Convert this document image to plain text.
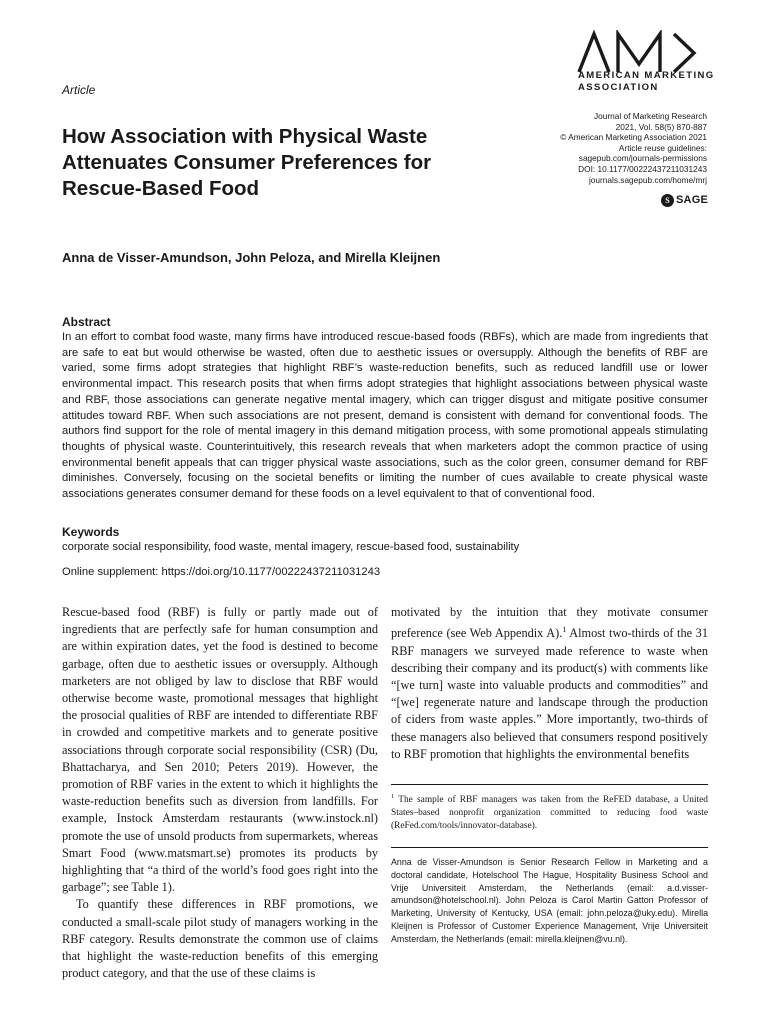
AMERICAN MARKETING
ASSOCIATION
Article
How Association with Physical Waste Attenuates Consumer Preferences for Rescue-Based Food
Journal of Marketing Research
2021, Vol. 58(5) 870-887
© American Marketing Association 2021
Article reuse guidelines:
sagepub.com/journals-permissions
DOI: 10.1177/00222437211031243
journals.sagepub.com/home/mrj
S SAGE
Anna de Visser-Amundson, John Peloza, and Mirella Kleijnen
Abstract

In an effort to combat food waste, many firms have introduced rescue-based foods (RBFs), which are made from ingredients that are safe to eat but would otherwise be wasted, often due to aesthetic issues or oversupply. Although the benefits of RBF are varied, some firms adopt strategies that highlight RBF’s waste-reduction benefits, such as reduced landfill use or lower environmental impact. This research posits that when firms adopt strategies that highlight associations between physical waste and RBF, those associations can generate negative mental imagery, which can trigger disgust and mitigate positive consumer attitudes toward RBF. When such associations are not present, demand is consistent with demand for conventional foods. The authors find support for the role of mental imagery in this demand mitigation process, with some promotional appeals stimulating thoughts of physical waste. Counterintuitively, this research reveals that when marketers adopt the common practice of using environmental benefit appeals that can trigger physical waste associations, such as the color green, consumer demand for RBF diminishes. Conversely, focusing on the societal benefits or limiting the number of cues available to create physical waste associations generates consumer demand for these foods on a level equivalent to that of conventional food.

Keywords
corporate social responsibility, food waste, mental imagery, rescue-based food, sustainability
Online supplement: https://doi.org/10.1177/00222437211031243

Rescue-based food (RBF) is fully or partly made out of ingredients that are perfectly safe for human consumption and are within expiration dates, yet the food is destined to become garbage, often due to aesthetic issues or oversupply. Although marketers are not obliged by law to disclose that RBF would otherwise become waste, promotional messages that highlight the prosocial qualities of RBF are intended to differentiate RBF in crowded and competitive markets and to generate positive associations through corporate social responsibility (CSR) (Du, Bhattacharya, and Sen 2010; Peters 2019). However, the promotion of RBF varies in the extent to which it highlights the waste-reduction benefits such as diversion from landfills. For example, Instock Amsterdam restaurants (www.instock.nl) promote the use of unsold products from supermarkets, whereas Smart Food (www.matsmart.se) promotes its products by highlighting that “a third of the world’s food goes right into the garbage”; see Table 1).

To quantify these differences in RBF promotions, we conducted a small-scale pilot study of managers working in the RBF category. Results demonstrate the common use of claims that highlight the waste-reduction benefits of this emerging product category, and that the use of these claims is

motivated by the intuition that they motivate consumer preference (see Web Appendix A).$^1$ Almost two-thirds of the 31 RBF managers we surveyed made reference to waste when describing their company and its product(s) with comments like “[we turn] waste into valuable products and commodities” and “[we] regenerate nature and landscape through the production of ciders from waste apples.” More importantly, two-thirds of these managers also believed that consumers respond positively to RBF promotion that highlights the environmental benefits

$^1$ The sample of RBF managers was taken from the ReFED database, a United States–based nonprofit organization committed to reducing food waste (ReFed.com/tools/innovator-database).

Anna de Visser-Amundson is Senior Research Fellow in Marketing and a doctoral candidate, Hotelschool The Hague, Hospitality Business School and Vrije Universiteit Amsterdam, the Netherlands (email: a.d.visser-amundson@hotelschool.nl). John Peloza is Carol Martin Gatton Professor of Marketing, University of Kentucky, USA (email: john.peloza@uky.edu). Mirella Kleijnen is Professor of Customer Experience Management, Vrije Universiteit Amsterdam, the Netherlands (email: mirella.kleijnen@vu.nl).
